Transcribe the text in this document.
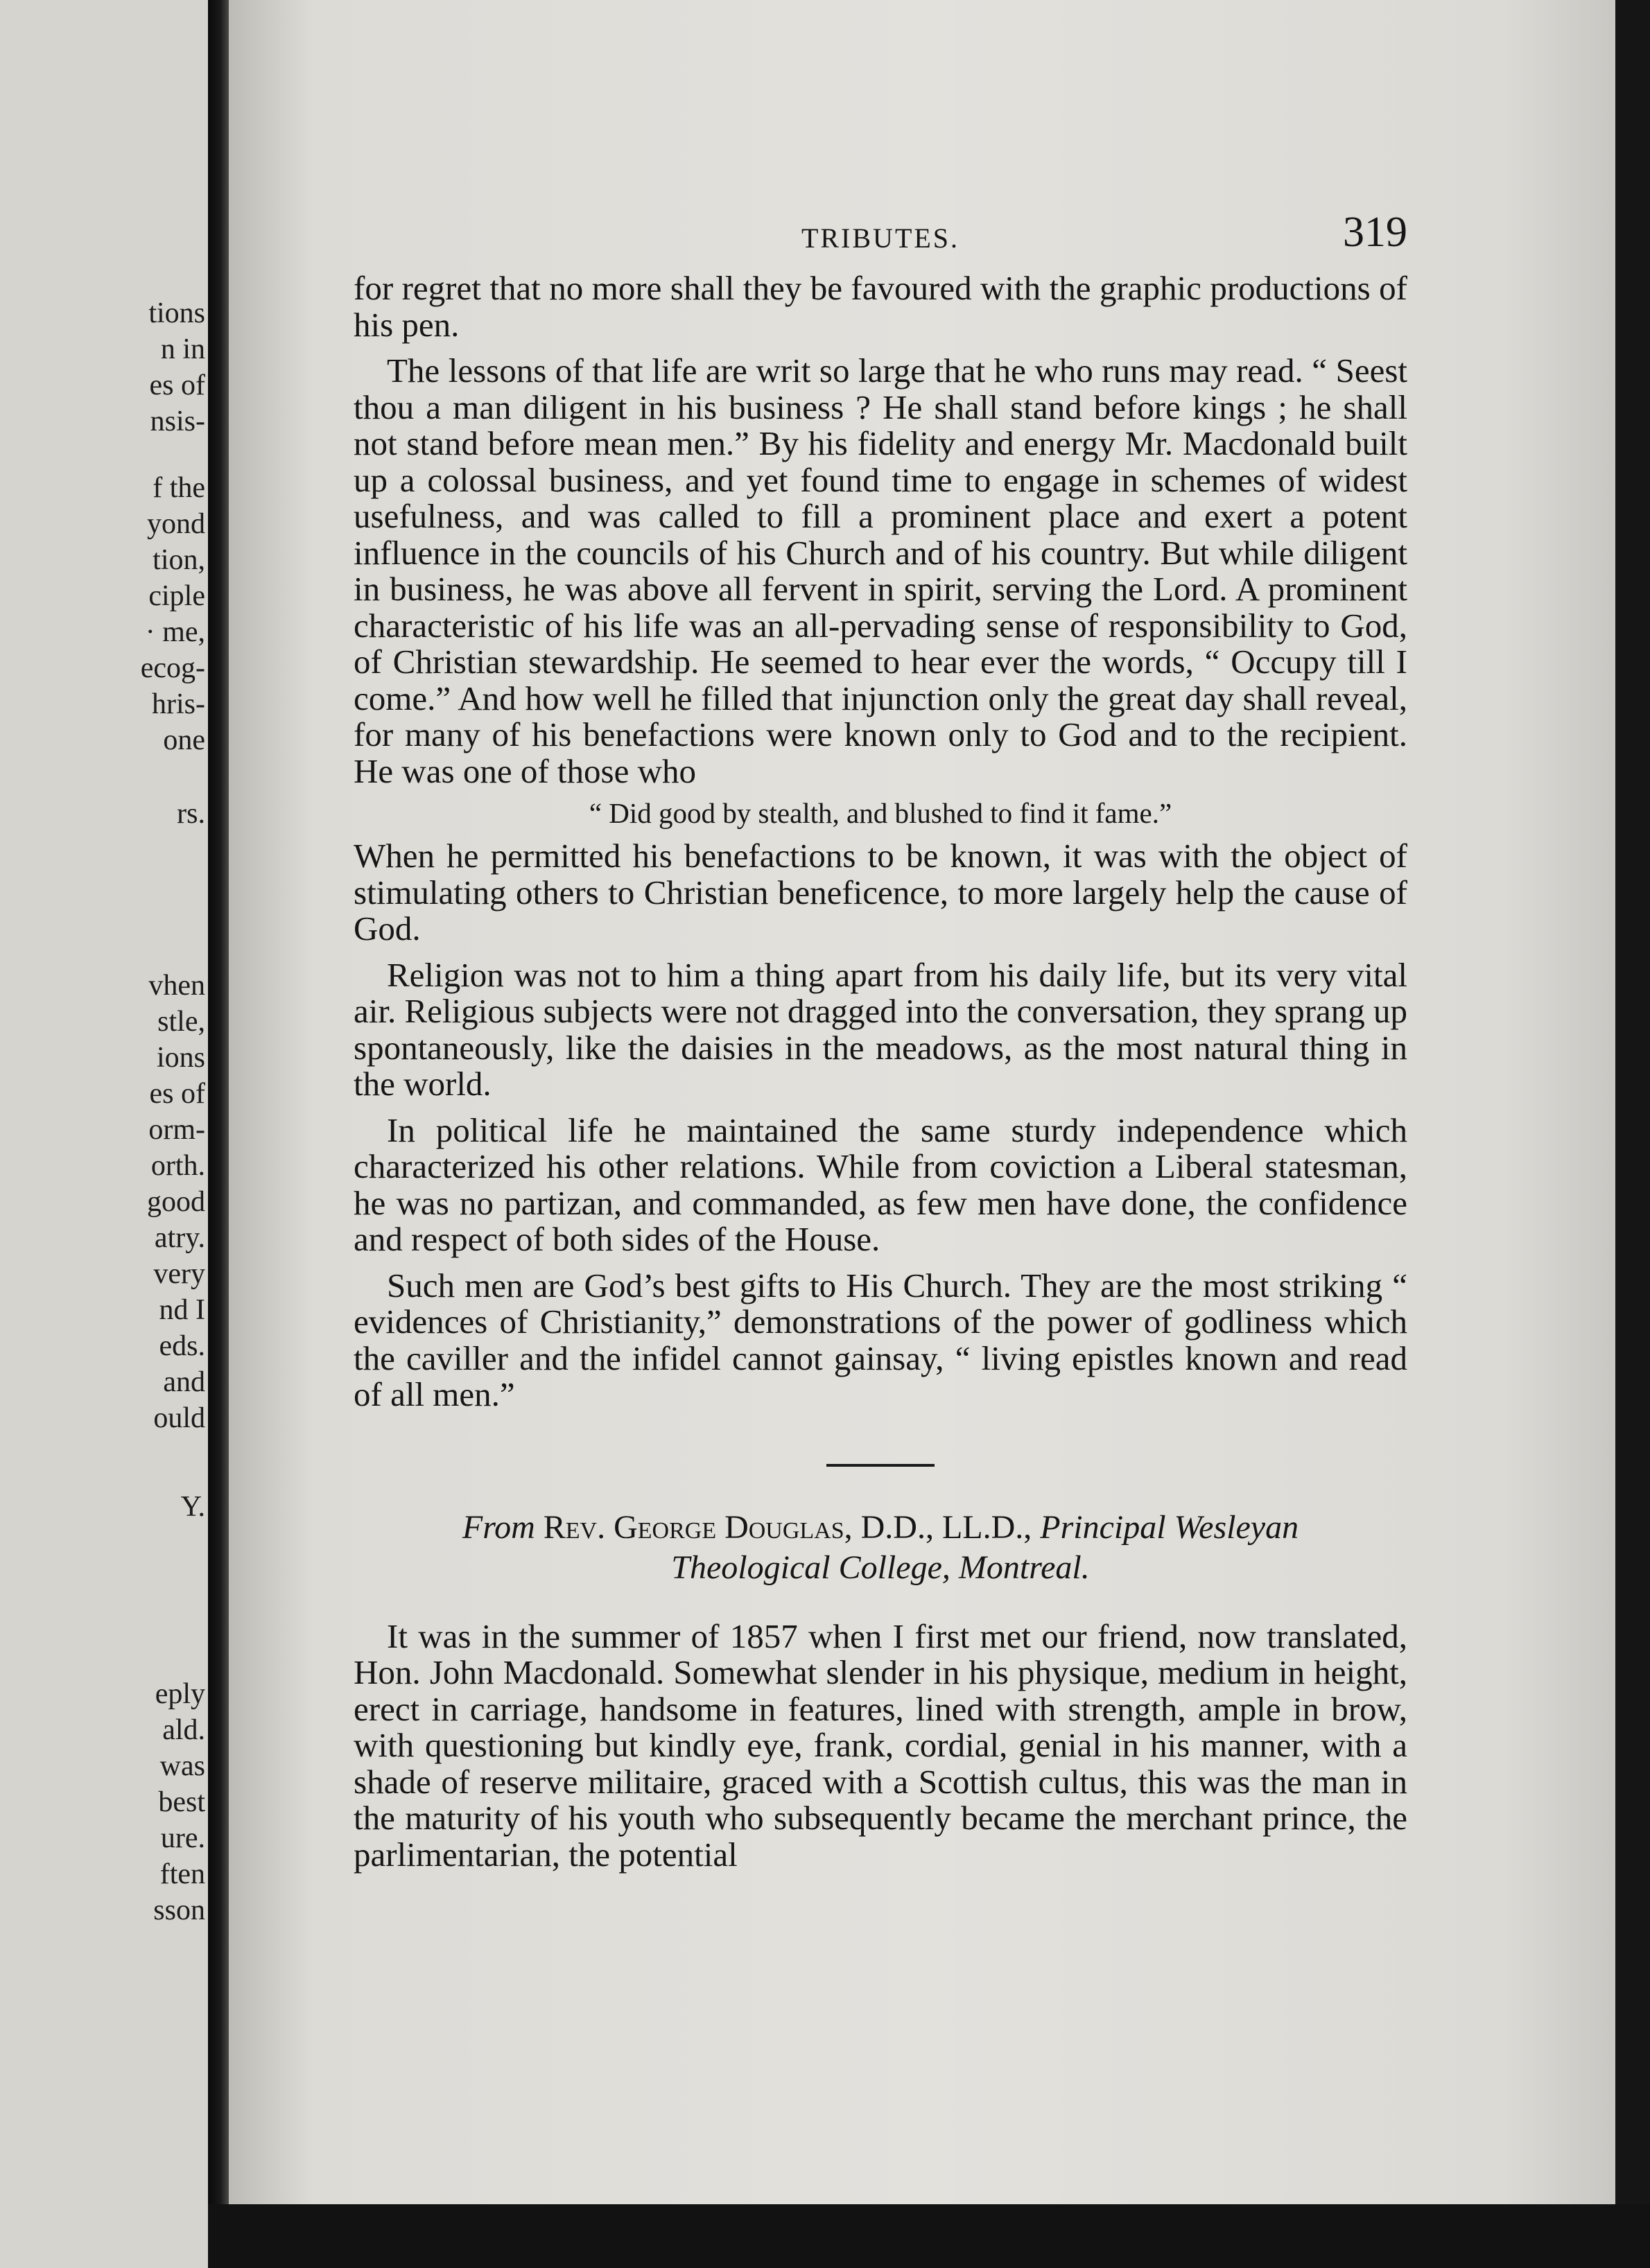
tions
n in
es of
nsis-
f the
yond
tion,
ciple
· me,
ecog-
hris-
one
rs.
vhen
stle,
ions
es of
orm-
orth.
good
atry.
very
nd I
eds.
and
ould
Y.
eply
ald.
was
best
ure.
ften
sson
TRIBUTES.	319

for regret that no more shall they be favoured with the graphic productions of his pen.

The lessons of that life are writ so large that he who runs may read. “ Seest thou a man diligent in his business ? He shall stand before kings ; he shall not stand before mean men.” By his fidelity and energy Mr. Macdonald built up a colossal business, and yet found time to engage in schemes of widest usefulness, and was called to fill a prominent place and exert a potent influence in the councils of his Church and of his country. But while diligent in business, he was above all fervent in spirit, serving the Lord. A prominent characteristic of his life was an all-pervading sense of responsibility to God, of Christian stewardship. He seemed to hear ever the words, “ Occupy till I come.” And how well he filled that injunction only the great day shall reveal, for many of his benefactions were known only to God and to the recipient. He was one of those who

“ Did good by stealth, and blushed to find it fame.”

When he permitted his benefactions to be known, it was with the object of stimulating others to Christian beneficence, to more largely help the cause of God.

Religion was not to him a thing apart from his daily life, but its very vital air. Religious subjects were not dragged into the conversation, they sprang up spontaneously, like the daisies in the meadows, as the most natural thing in the world.

In political life he maintained the same sturdy independence which characterized his other relations. While from coviction a Liberal statesman, he was no partizan, and commanded, as few men have done, the confidence and respect of both sides of the House.

Such men are God’s best gifts to His Church. They are the most striking “ evidences of Christianity,” demonstrations of the power of godliness which the caviller and the infidel cannot gainsay, “ living epistles known and read of all men.”

From Rev. George Douglas, D.D., LL.D., Principal Wesleyan
Theological College, Montreal.

It was in the summer of 1857 when I first met our friend, now translated, Hon. John Macdonald. Somewhat slender in his physique, medium in height, erect in carriage, handsome in features, lined with strength, ample in brow, with questioning but kindly eye, frank, cordial, genial in his manner, with a shade of reserve militaire, graced with a Scottish cultus, this was the man in the maturity of his youth who subsequently became the merchant prince, the parlimentarian, the potential
